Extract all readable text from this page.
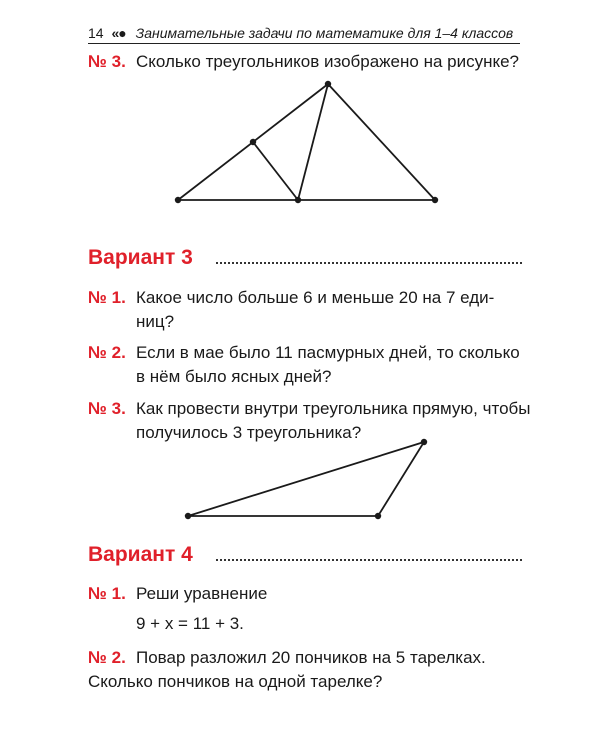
14 «● Занимательные задачи по математике для 1–4 классов
№ 3. Сколько треугольников изображено на рисунке?
Вариант 3
№ 1. Какое число больше 6 и меньше 20 на 7 еди-
ниц?
№ 2. Если в мае было 11 пасмурных дней, то сколько
в нём было ясных дней?
№ 3. Как провести внутри треугольника прямую, чтобы
получилось 3 треугольника?
Вариант 4
№ 1. Реши уравнение
9 + x = 11 + 3.
№ 2. Повар разложил 20 пончиков на 5 тарелках.
Сколько пончиков на одной тарелке?
